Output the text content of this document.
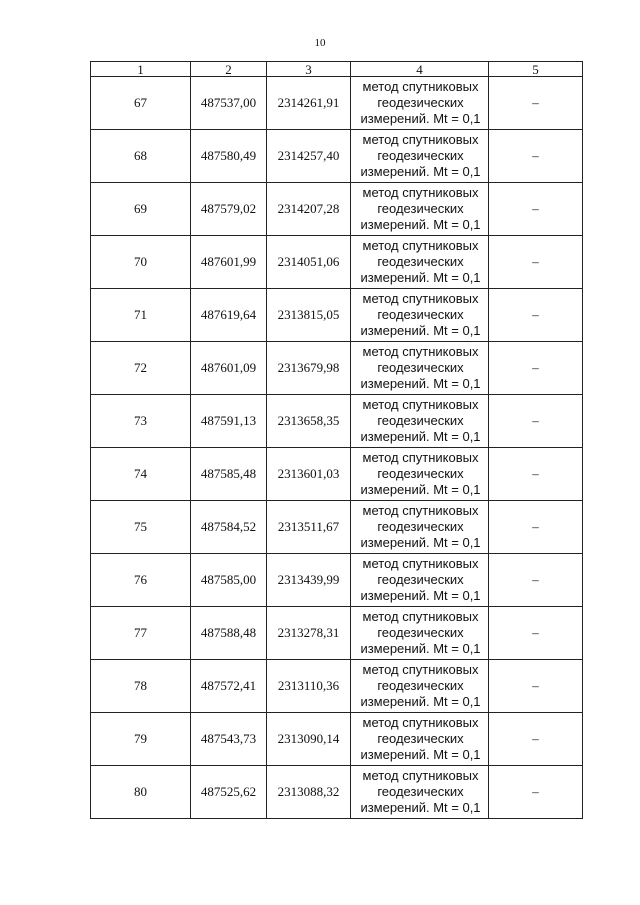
10
1	2	3	4	5
67	487537,00	2314261,91	метод спутниковых
геодезических
измерений. Mt = 0,1	–
68	487580,49	2314257,40	метод спутниковых
геодезических
измерений. Mt = 0,1	–
69	487579,02	2314207,28	метод спутниковых
геодезических
измерений. Mt = 0,1	–
70	487601,99	2314051,06	метод спутниковых
геодезических
измерений. Mt = 0,1	–
71	487619,64	2313815,05	метод спутниковых
геодезических
измерений. Mt = 0,1	–
72	487601,09	2313679,98	метод спутниковых
геодезических
измерений. Mt = 0,1	–
73	487591,13	2313658,35	метод спутниковых
геодезических
измерений. Mt = 0,1	–
74	487585,48	2313601,03	метод спутниковых
геодезических
измерений. Mt = 0,1	–
75	487584,52	2313511,67	метод спутниковых
геодезических
измерений. Mt = 0,1	–
76	487585,00	2313439,99	метод спутниковых
геодезических
измерений. Mt = 0,1	–
77	487588,48	2313278,31	метод спутниковых
геодезических
измерений. Mt = 0,1	–
78	487572,41	2313110,36	метод спутниковых
геодезических
измерений. Mt = 0,1	–
79	487543,73	2313090,14	метод спутниковых
геодезических
измерений. Mt = 0,1	–
80	487525,62	2313088,32	метод спутниковых
геодезических
измерений. Mt = 0,1	–
